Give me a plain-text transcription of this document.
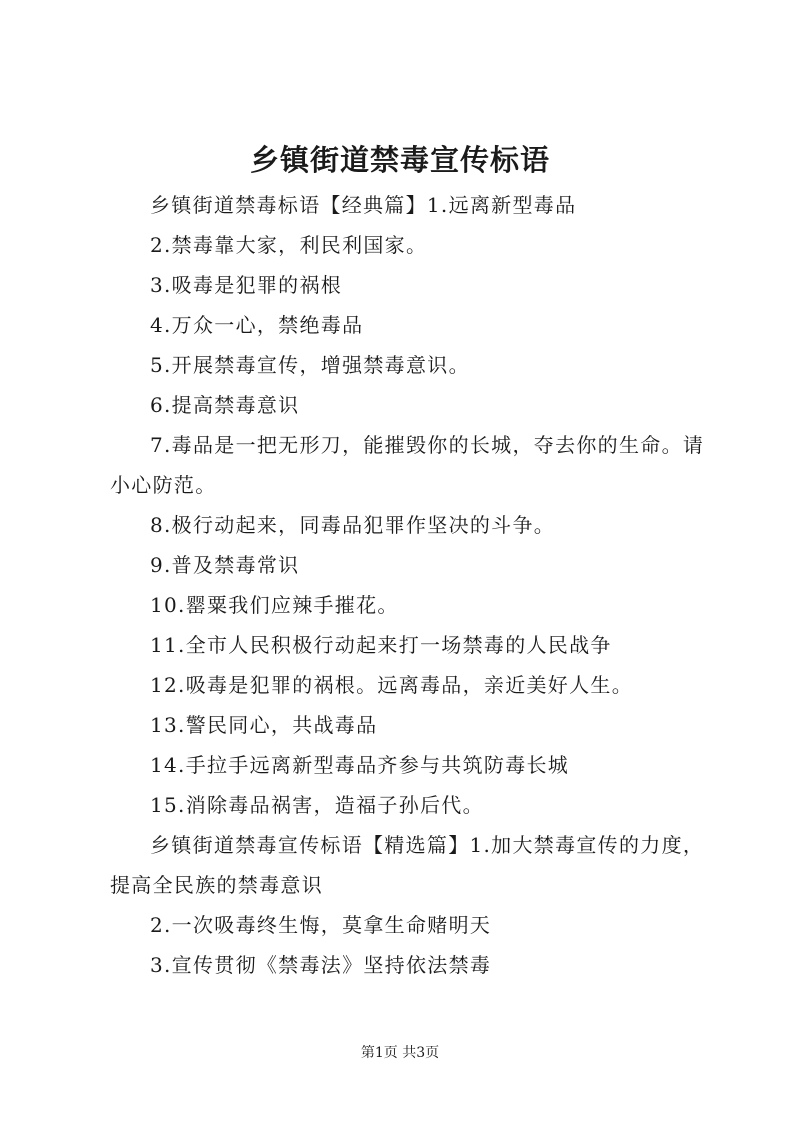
乡镇街道禁毒宣传标语

乡镇街道禁毒标语【经典篇】1.远离新型毒品

2.禁毒靠大家，利民利国家。

3.吸毒是犯罪的祸根

4.万众一心，禁绝毒品

5.开展禁毒宣传，增强禁毒意识。

6.提高禁毒意识

7.毒品是一把无形刀，能摧毁你的长城，夺去你的生命。请小心防范。

8.极行动起来，同毒品犯罪作坚决的斗争。

9.普及禁毒常识

10.罂粟我们应辣手摧花。

11.全市人民积极行动起来打一场禁毒的人民战争

12.吸毒是犯罪的祸根。远离毒品，亲近美好人生。

13.警民同心，共战毒品

14.手拉手远离新型毒品齐参与共筑防毒长城

15.消除毒品祸害，造福子孙后代。

乡镇街道禁毒宣传标语【精选篇】1.加大禁毒宣传的力度，提高全民族的禁毒意识

2.一次吸毒终生悔，莫拿生命赌明天

3.宣传贯彻《禁毒法》坚持依法禁毒

第1页 共3页
